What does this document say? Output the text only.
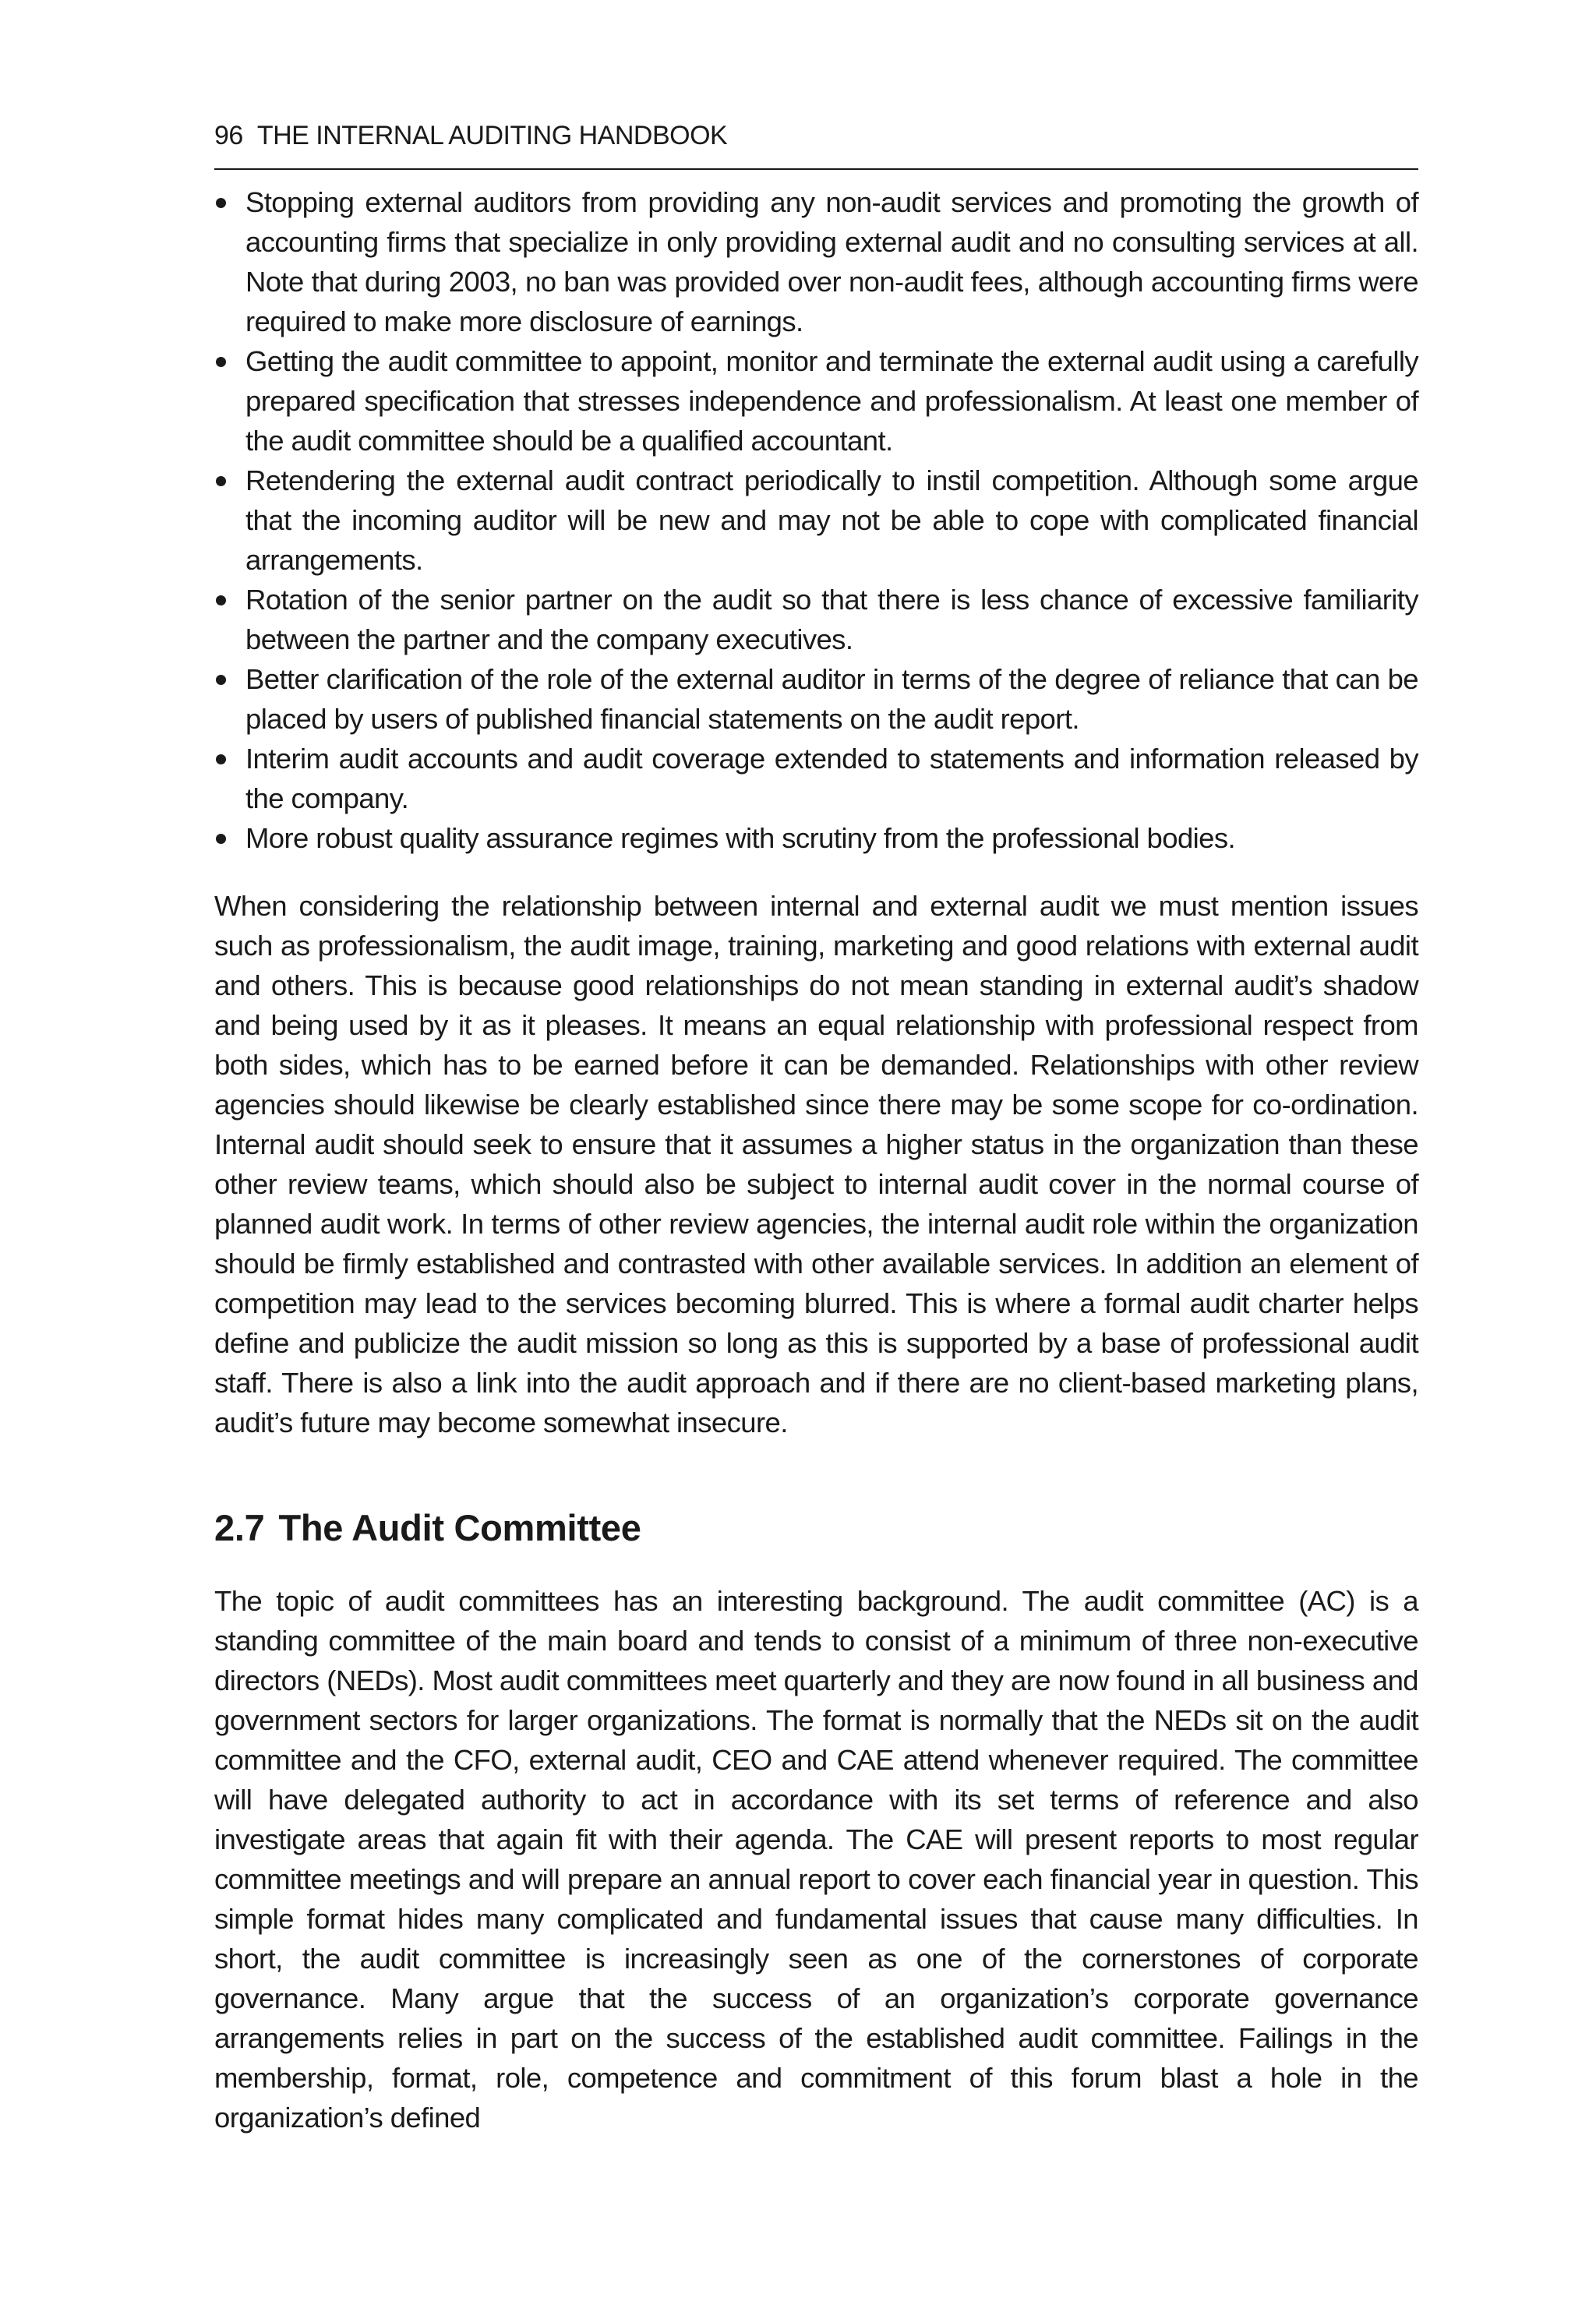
96 THE INTERNAL AUDITING HANDBOOK
Stopping external auditors from providing any non-audit services and promoting the growth of accounting firms that specialize in only providing external audit and no consulting services at all. Note that during 2003, no ban was provided over non-audit fees, although accounting firms were required to make more disclosure of earnings.
Getting the audit committee to appoint, monitor and terminate the external audit using a carefully prepared specification that stresses independence and professionalism. At least one member of the audit committee should be a qualified accountant.
Retendering the external audit contract periodically to instil competition. Although some argue that the incoming auditor will be new and may not be able to cope with complicated financial arrangements.
Rotation of the senior partner on the audit so that there is less chance of excessive familiarity between the partner and the company executives.
Better clarification of the role of the external auditor in terms of the degree of reliance that can be placed by users of published financial statements on the audit report.
Interim audit accounts and audit coverage extended to statements and information released by the company.
More robust quality assurance regimes with scrutiny from the professional bodies.

When considering the relationship between internal and external audit we must mention issues such as professionalism, the audit image, training, marketing and good relations with external audit and others. This is because good relationships do not mean standing in external audit’s shadow and being used by it as it pleases. It means an equal relationship with professional respect from both sides, which has to be earned before it can be demanded. Relationships with other review agencies should likewise be clearly established since there may be some scope for co-ordination. Internal audit should seek to ensure that it assumes a higher status in the organization than these other review teams, which should also be subject to internal audit cover in the normal course of planned audit work. In terms of other review agencies, the internal audit role within the organization should be firmly established and contrasted with other available services. In addition an element of competition may lead to the services becoming blurred. This is where a formal audit charter helps define and publicize the audit mission so long as this is supported by a base of professional audit staff. There is also a link into the audit approach and if there are no client-based marketing plans, audit’s future may become somewhat insecure.

2.7 The Audit Committee

The topic of audit committees has an interesting background. The audit committee (AC) is a standing committee of the main board and tends to consist of a minimum of three non-executive directors (NEDs). Most audit committees meet quarterly and they are now found in all business and government sectors for larger organizations. The format is normally that the NEDs sit on the audit committee and the CFO, external audit, CEO and CAE attend whenever required. The committee will have delegated authority to act in accordance with its set terms of reference and also investigate areas that again fit with their agenda. The CAE will present reports to most regular committee meetings and will prepare an annual report to cover each financial year in question. This simple format hides many complicated and fundamental issues that cause many difficulties. In short, the audit committee is increasingly seen as one of the cornerstones of corporate governance. Many argue that the success of an organization’s corporate governance arrangements relies in part on the success of the established audit committee. Failings in the membership, format, role, competence and commitment of this forum blast a hole in the organization’s defined
